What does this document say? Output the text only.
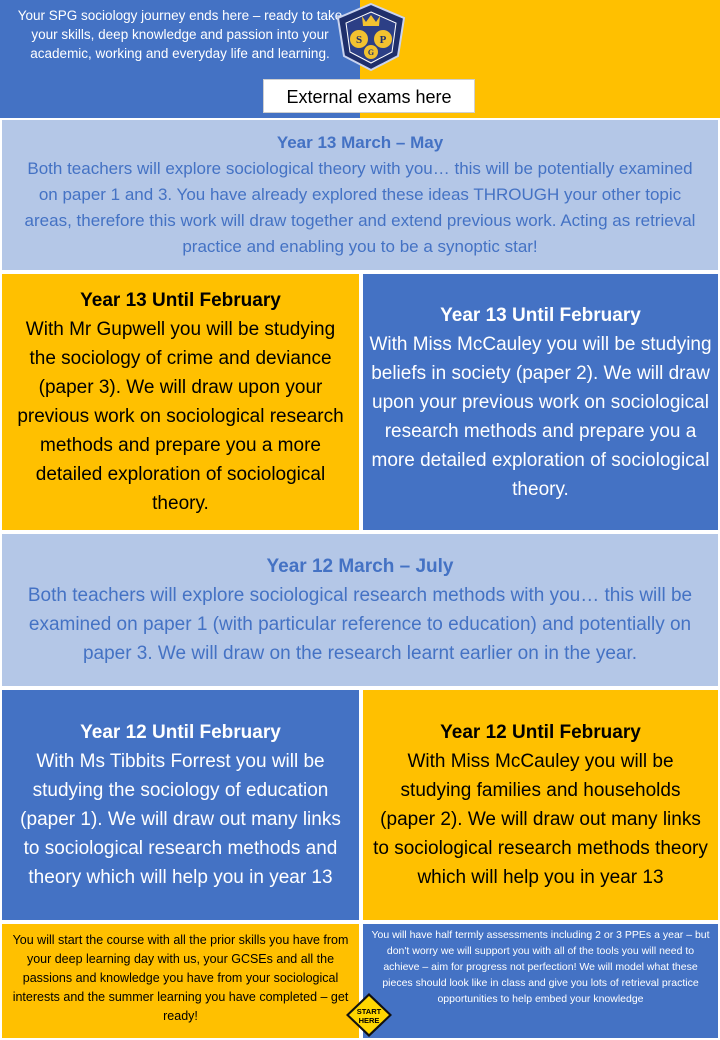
Your SPG sociology journey ends here – ready to take your skills, deep knowledge and passion into your academic, working and everyday life and learning.
S P
G
External exams here
Year 13 March – May
Both teachers will explore sociological theory with you… this will be potentially examined on paper 1 and 3. You have already explored these ideas THROUGH your other topic areas, therefore this work will draw together and extend previous work. Acting as retrieval practice and enabling you to be a synoptic star!
Year 13 Until February
With Mr Gupwell you will be studying the sociology of crime and deviance (paper 3). We will draw upon your previous work on sociological research methods and prepare you a more detailed exploration of sociological theory.
Year 13 Until February
With Miss McCauley you will be studying beliefs in society (paper 2). We will draw upon your previous work on sociological research methods and prepare you a more detailed exploration of sociological theory.
Year 12 March – July
Both teachers will explore sociological research methods with you… this will be examined on paper 1 (with particular reference to education) and potentially on paper 3. We will draw on the research learnt earlier on in the year.
Year 12 Until February
With Ms Tibbits Forrest you will be studying the sociology of education (paper 1). We will draw out many links to sociological research methods and theory which will help you in year 13
Year 12 Until February
With Miss McCauley you will be studying families and households (paper 2). We will draw out many links to sociological research methods theory which will help you in year 13
You will start the course with all the prior skills you have from your deep learning day with us, your GCSEs and all the passions and knowledge you have from your sociological interests and the summer learning you have completed – get ready!
You will have half termly assessments including 2 or 3 PPEs a year – but don't worry we will support you with all of the tools you will need to achieve – aim for progress not perfection! We will model what these pieces should look like in class and give you lots of retrieval practice opportunities to help embed your knowledge
START
HERE
